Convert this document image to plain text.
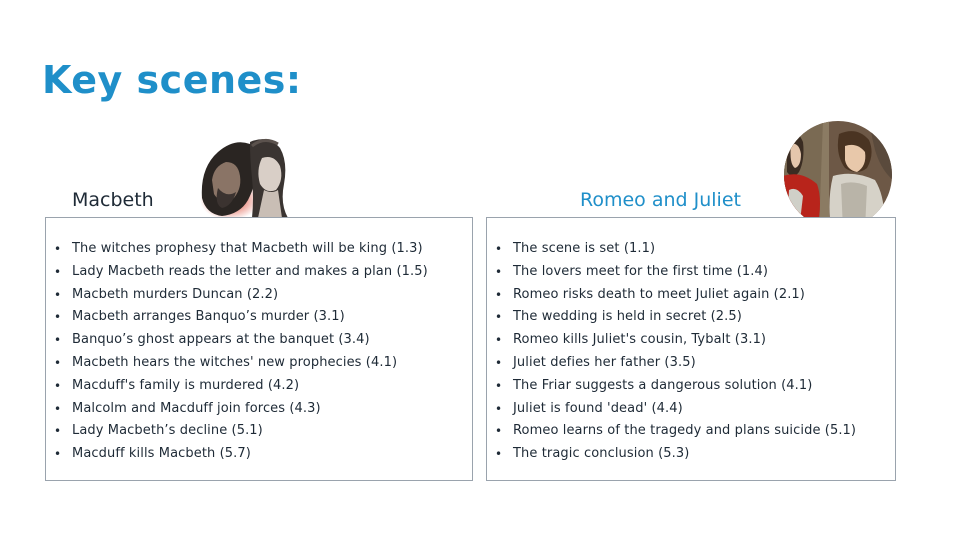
Key scenes:
Macbeth	Romeo and Juliet
• The witches prophesy that Macbeth will be king (1.3)
• Lady Macbeth reads the letter and makes a plan (1.5)
• Macbeth murders Duncan (2.2)
• Macbeth arranges Banquo’s murder (3.1)
• Banquo’s ghost appears at the banquet (3.4)
• Macbeth hears the witches' new prophecies (4.1)
• Macduff's family is murdered (4.2)
• Malcolm and Macduff join forces (4.3)
• Lady Macbeth’s decline (5.1)
• Macduff kills Macbeth (5.7)
• The scene is set (1.1)
• The lovers meet for the first time (1.4)
• Romeo risks death to meet Juliet again (2.1)
• The wedding is held in secret (2.5)
• Romeo kills Juliet's cousin, Tybalt (3.1)
• Juliet defies her father (3.5)
• The Friar suggests a dangerous solution (4.1)
• Juliet is found 'dead' (4.4)
• Romeo learns of the tragedy and plans suicide (5.1)
• The tragic conclusion (5.3)
